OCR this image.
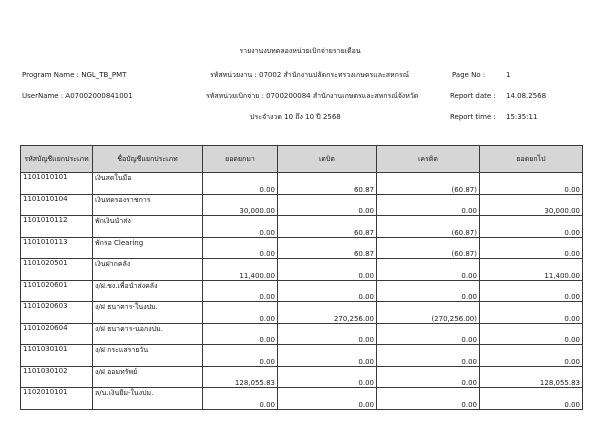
รายงานงบทดลองหน่วยเบิกจ่ายรายเดือน
Program Name : NGL_TB_PMT
UserName : A07002000841001
รหัสหน่วยงาน : 07002 สำนักงานปลัดกระทรวงเกษตรและสหกรณ์
รหัสหน่วยเบิกจ่าย : 0700200084 สำนักงานเกษตรและสหกรณ์จังหวัด
ประจำงวด 10 ถึง 10 ปี 2568
Page No :	1
Report date : 14.08.2568
Report time : 15:35:11
รหัสบัญชีแยกประเภท	ชื่อบัญชีแยกประเภท	ยอดยกมา	เดบิต	เครดิต	ยอดยกไป
1101010101	เงินสดในมือ	0.00	60.87	(60.87)	0.00
1101010104	เงินทดรองราชการ	30,000.00	0.00	0.00	30,000.00
1101010112	พักเงินนำส่ง	0.00	60.87	(60.87)	0.00
1101010113	พักรอ Clearing	0.00	60.87	(60.87)	0.00
1101020501	เงินฝากคลัง	11,400.00	0.00	0.00	11,400.00
1101020601	ง/ฝ.ชง.เพื่อนำส่งคลัง	0.00	0.00	0.00	0.00
1101020603	ง/ฝ ธนาคาร-ในงปม.	0.00	270,256.00	(270,256.00)	0.00
1101020604	ง/ฝ ธนาคาร-นอกงปม.	0.00	0.00	0.00	0.00
1101030101	ง/ฝ กระแสรายวัน	0.00	0.00	0.00	0.00
1101030102	ง/ฝ ออมทรัพย์	128,055.83	0.00	0.00	128,055.83
1102010101	ล/น.เงินยืม-ในงปม.	0.00	0.00	0.00	0.00
